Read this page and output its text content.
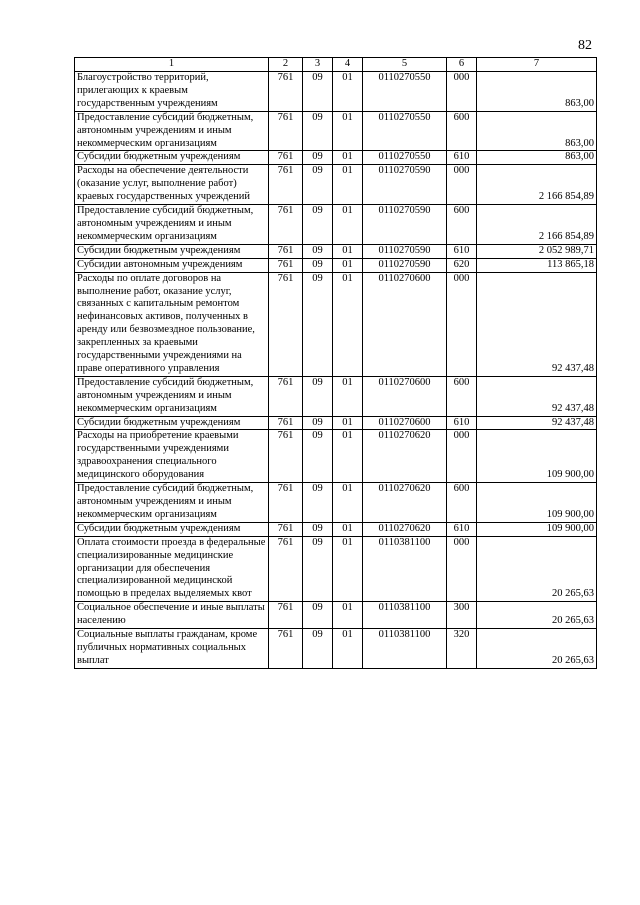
82
1	2	3	4	5	6	7
Благоустройство территорий, прилегающих к краевым государственным учреждениям	761	09	01	0110270550	000	863,00
Предоставление субсидий бюджетным, автономным учреждениям и иным некоммерческим организациям	761	09	01	0110270550	600	863,00
Субсидии бюджетным учреждениям	761	09	01	0110270550	610	863,00
Расходы на обеспечение деятельности (оказание услуг, выполнение работ) краевых государственных учреждений	761	09	01	0110270590	000	2 166 854,89
Предоставление субсидий бюджетным, автономным учреждениям и иным некоммерческим организациям	761	09	01	0110270590	600	2 166 854,89
Субсидии бюджетным учреждениям	761	09	01	0110270590	610	2 052 989,71
Субсидии автономным учреждениям	761	09	01	0110270590	620	113 865,18
Расходы по оплате договоров на выполнение работ, оказание услуг, связанных с капитальным ремонтом нефинансовых активов, полученных в аренду или безвозмездное пользование, закрепленных за краевыми государственными учреждениями на праве оперативного управления	761	09	01	0110270600	000	92 437,48
Предоставление субсидий бюджетным, автономным учреждениям и иным некоммерческим организациям	761	09	01	0110270600	600	92 437,48
Субсидии бюджетным учреждениям	761	09	01	0110270600	610	92 437,48
Расходы на приобретение краевыми государственными учреждениями здравоохранения специального медицинского оборудования	761	09	01	0110270620	000	109 900,00
Предоставление субсидий бюджетным, автономным учреждениям и иным некоммерческим организациям	761	09	01	0110270620	600	109 900,00
Субсидии бюджетным учреждениям	761	09	01	0110270620	610	109 900,00
Оплата стоимости проезда в федеральные специализированные медицинские организации для обеспечения специализированной медицинской помощью в пределах выделяемых квот	761	09	01	0110381100	000	20 265,63
Социальное обеспечение и иные выплаты населению	761	09	01	0110381100	300	20 265,63
Социальные выплаты гражданам, кроме публичных нормативных социальных выплат	761	09	01	0110381100	320	20 265,63
